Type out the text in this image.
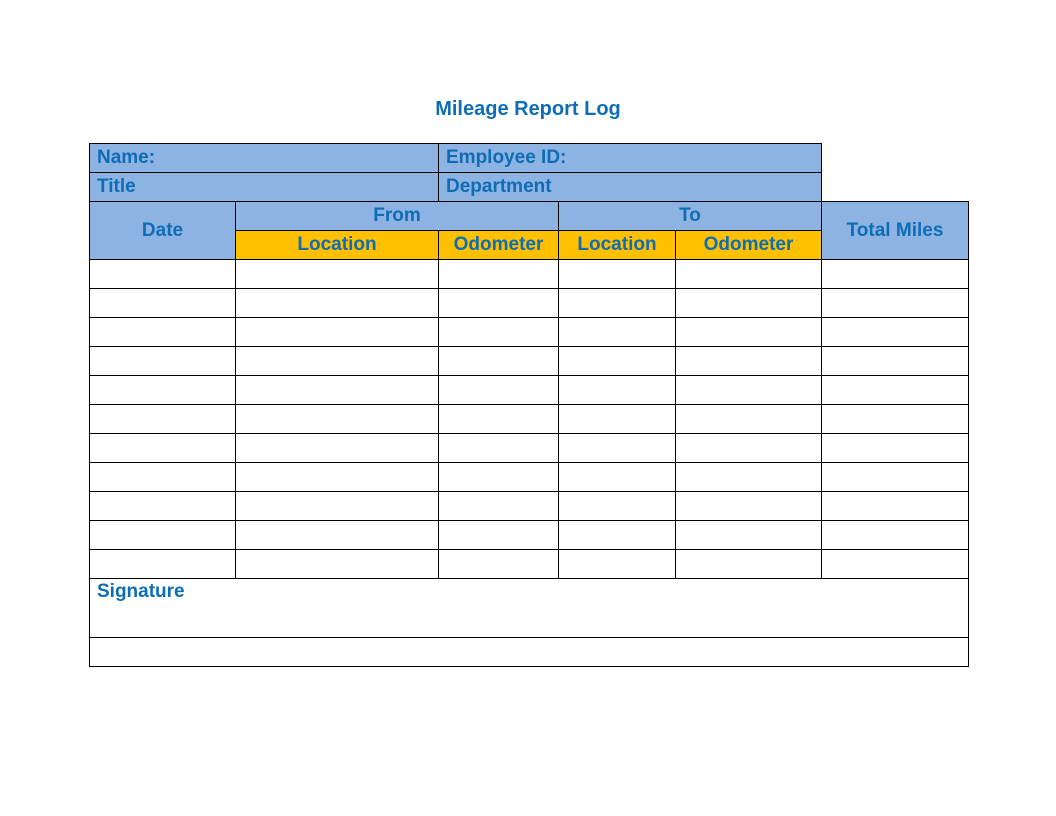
Mileage Report Log
Name:		Employee ID:			
Title		Department			
Date	From		To		Total Miles
	Location	Odometer	Location	Odometer	

Signature					
